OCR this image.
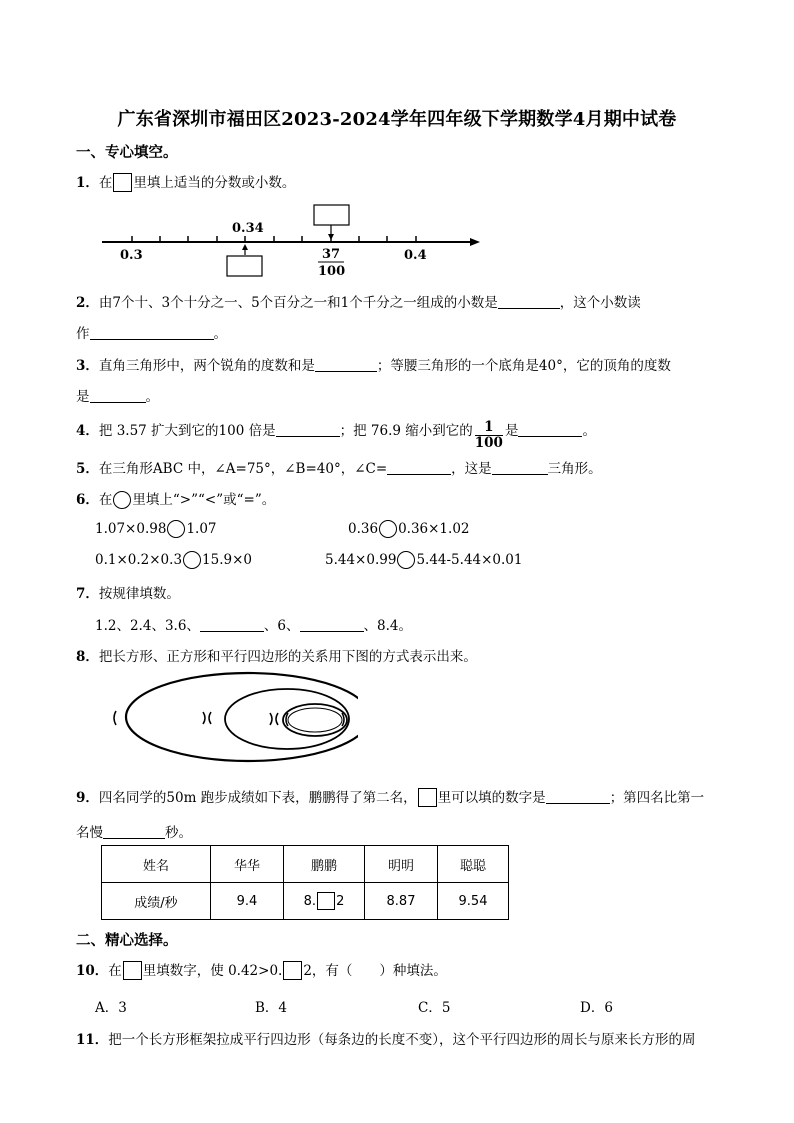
广东省深圳市福田区2023-2024学年四年级下学期数学4月期中试卷
一、专心填空。
1．在 里填上适当的分数或小数。
0.3
0.34
0.4
37
100
2．由7个十、3个十分之一、5个百分之一和1个千分之一组成的小数是	，这个小数读
作	。
3．直角三角形中，两个锐角的度数和是	；等腰三角形的一个底角是40°，它的顶角的度数
是	。
4．把 3.57 扩大到它的100 倍是	；把 76.9 缩小到它的 $\frac{1}{100}$ 是	。
5．在三角形ABC 中，∠A=75°，∠B=40°，∠C=	，这是	三角形。
6．在 里填上“>”“<”或“=”。
1.07×0.98 1.07	0.36 0.36×1.02
0.1×0.2×0.3 15.9×0	5.44×0.99 5.44-5.44×0.01
7．按规律填数。
1.2、2.4、3.6、	、6、	、8.4。
8．把长方形、正方形和平行四边形的关系用下图的方式表示出来。
9．四名同学的50m 跑步成绩如下表，鹏鹏得了第二名， 里可以填的数字是	；第四名比第一
名慢	秒。
姓名	华华	鹏鹏	明明	聪聪
成绩/秒	9.4	8. 2	8.87	9.54
二、精心选择。
10．在 里填数字，使 0.42>0. 2，有（　　）种填法。
A．3	B．4	C．5	D．6
11．把一个长方形框架拉成平行四边形（每条边的长度不变），这个平行四边形的周长与原来长方形的周
